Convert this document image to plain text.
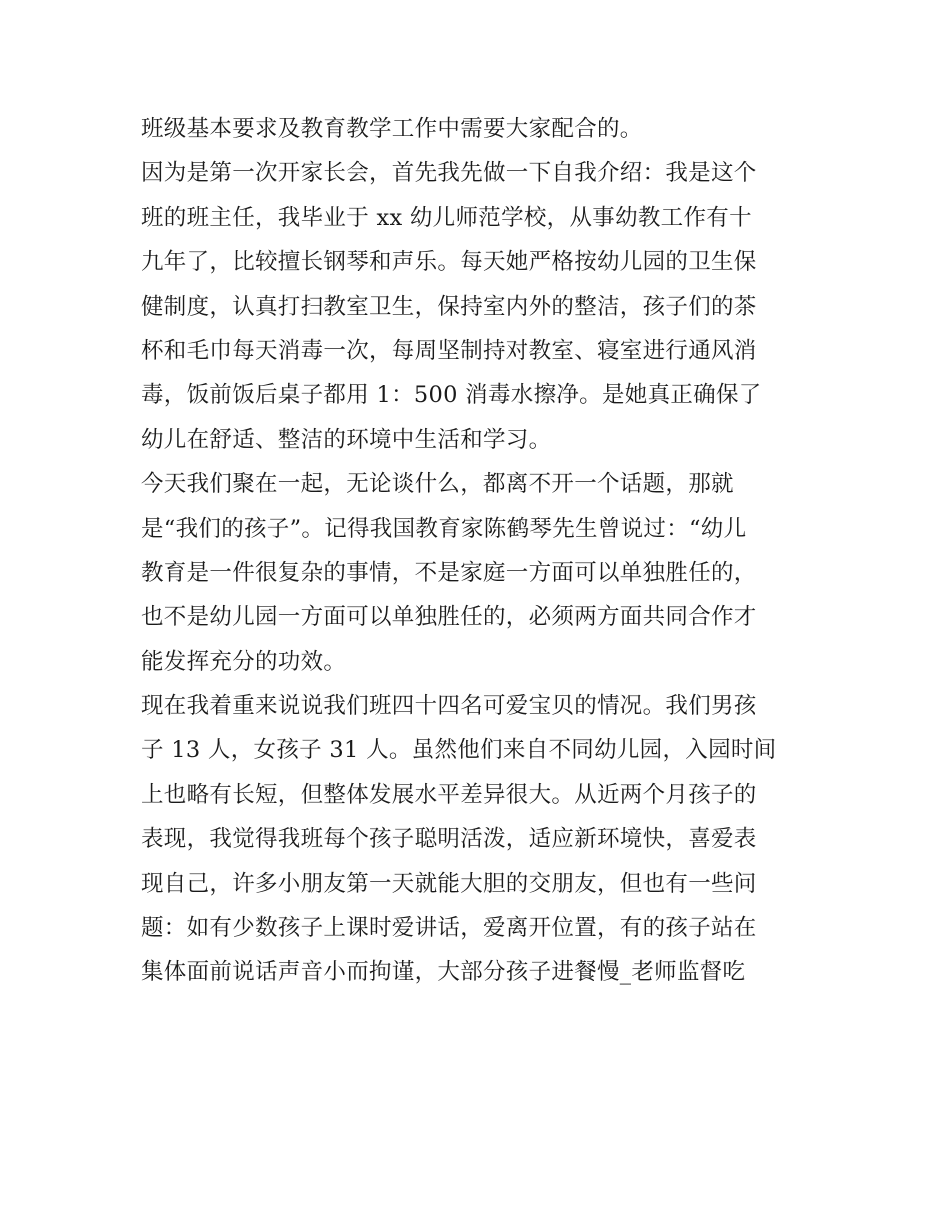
班级基本要求及教育教学工作中需要大家配合的。
因为是第一次开家长会，首先我先做一下自我介绍：我是这个
班的班主任，我毕业于 xx 幼儿师范学校，从事幼教工作有十
九年了，比较擅长钢琴和声乐。每天她严格按幼儿园的卫生保
健制度，认真打扫教室卫生，保持室内外的整洁，孩子们的茶
杯和毛巾每天消毒一次，每周坚制持对教室、寝室进行通风消
毒，饭前饭后桌子都用 1：500 消毒水擦净。是她真正确保了
幼儿在舒适、整洁的环境中生活和学习。
今天我们聚在一起，无论谈什么，都离不开一个话题，那就
是“我们的孩子”。记得我国教育家陈鹤琴先生曾说过：“幼儿
教育是一件很复杂的事情，不是家庭一方面可以单独胜任的，
也不是幼儿园一方面可以单独胜任的，必须两方面共同合作才
能发挥充分的功效。
现在我着重来说说我们班四十四名可爱宝贝的情况。我们男孩
子 13 人，女孩子 31 人。虽然他们来自不同幼儿园，入园时间
上也略有长短，但整体发展水平差异很大。从近两个月孩子的
表现，我觉得我班每个孩子聪明活泼，适应新环境快，喜爱表
现自己，许多小朋友第一天就能大胆的交朋友，但也有一些问
题：如有少数孩子上课时爱讲话，爱离开位置，有的孩子站在
集体面前说话声音小而拘谨，大部分孩子进餐慢_老师监督吃
